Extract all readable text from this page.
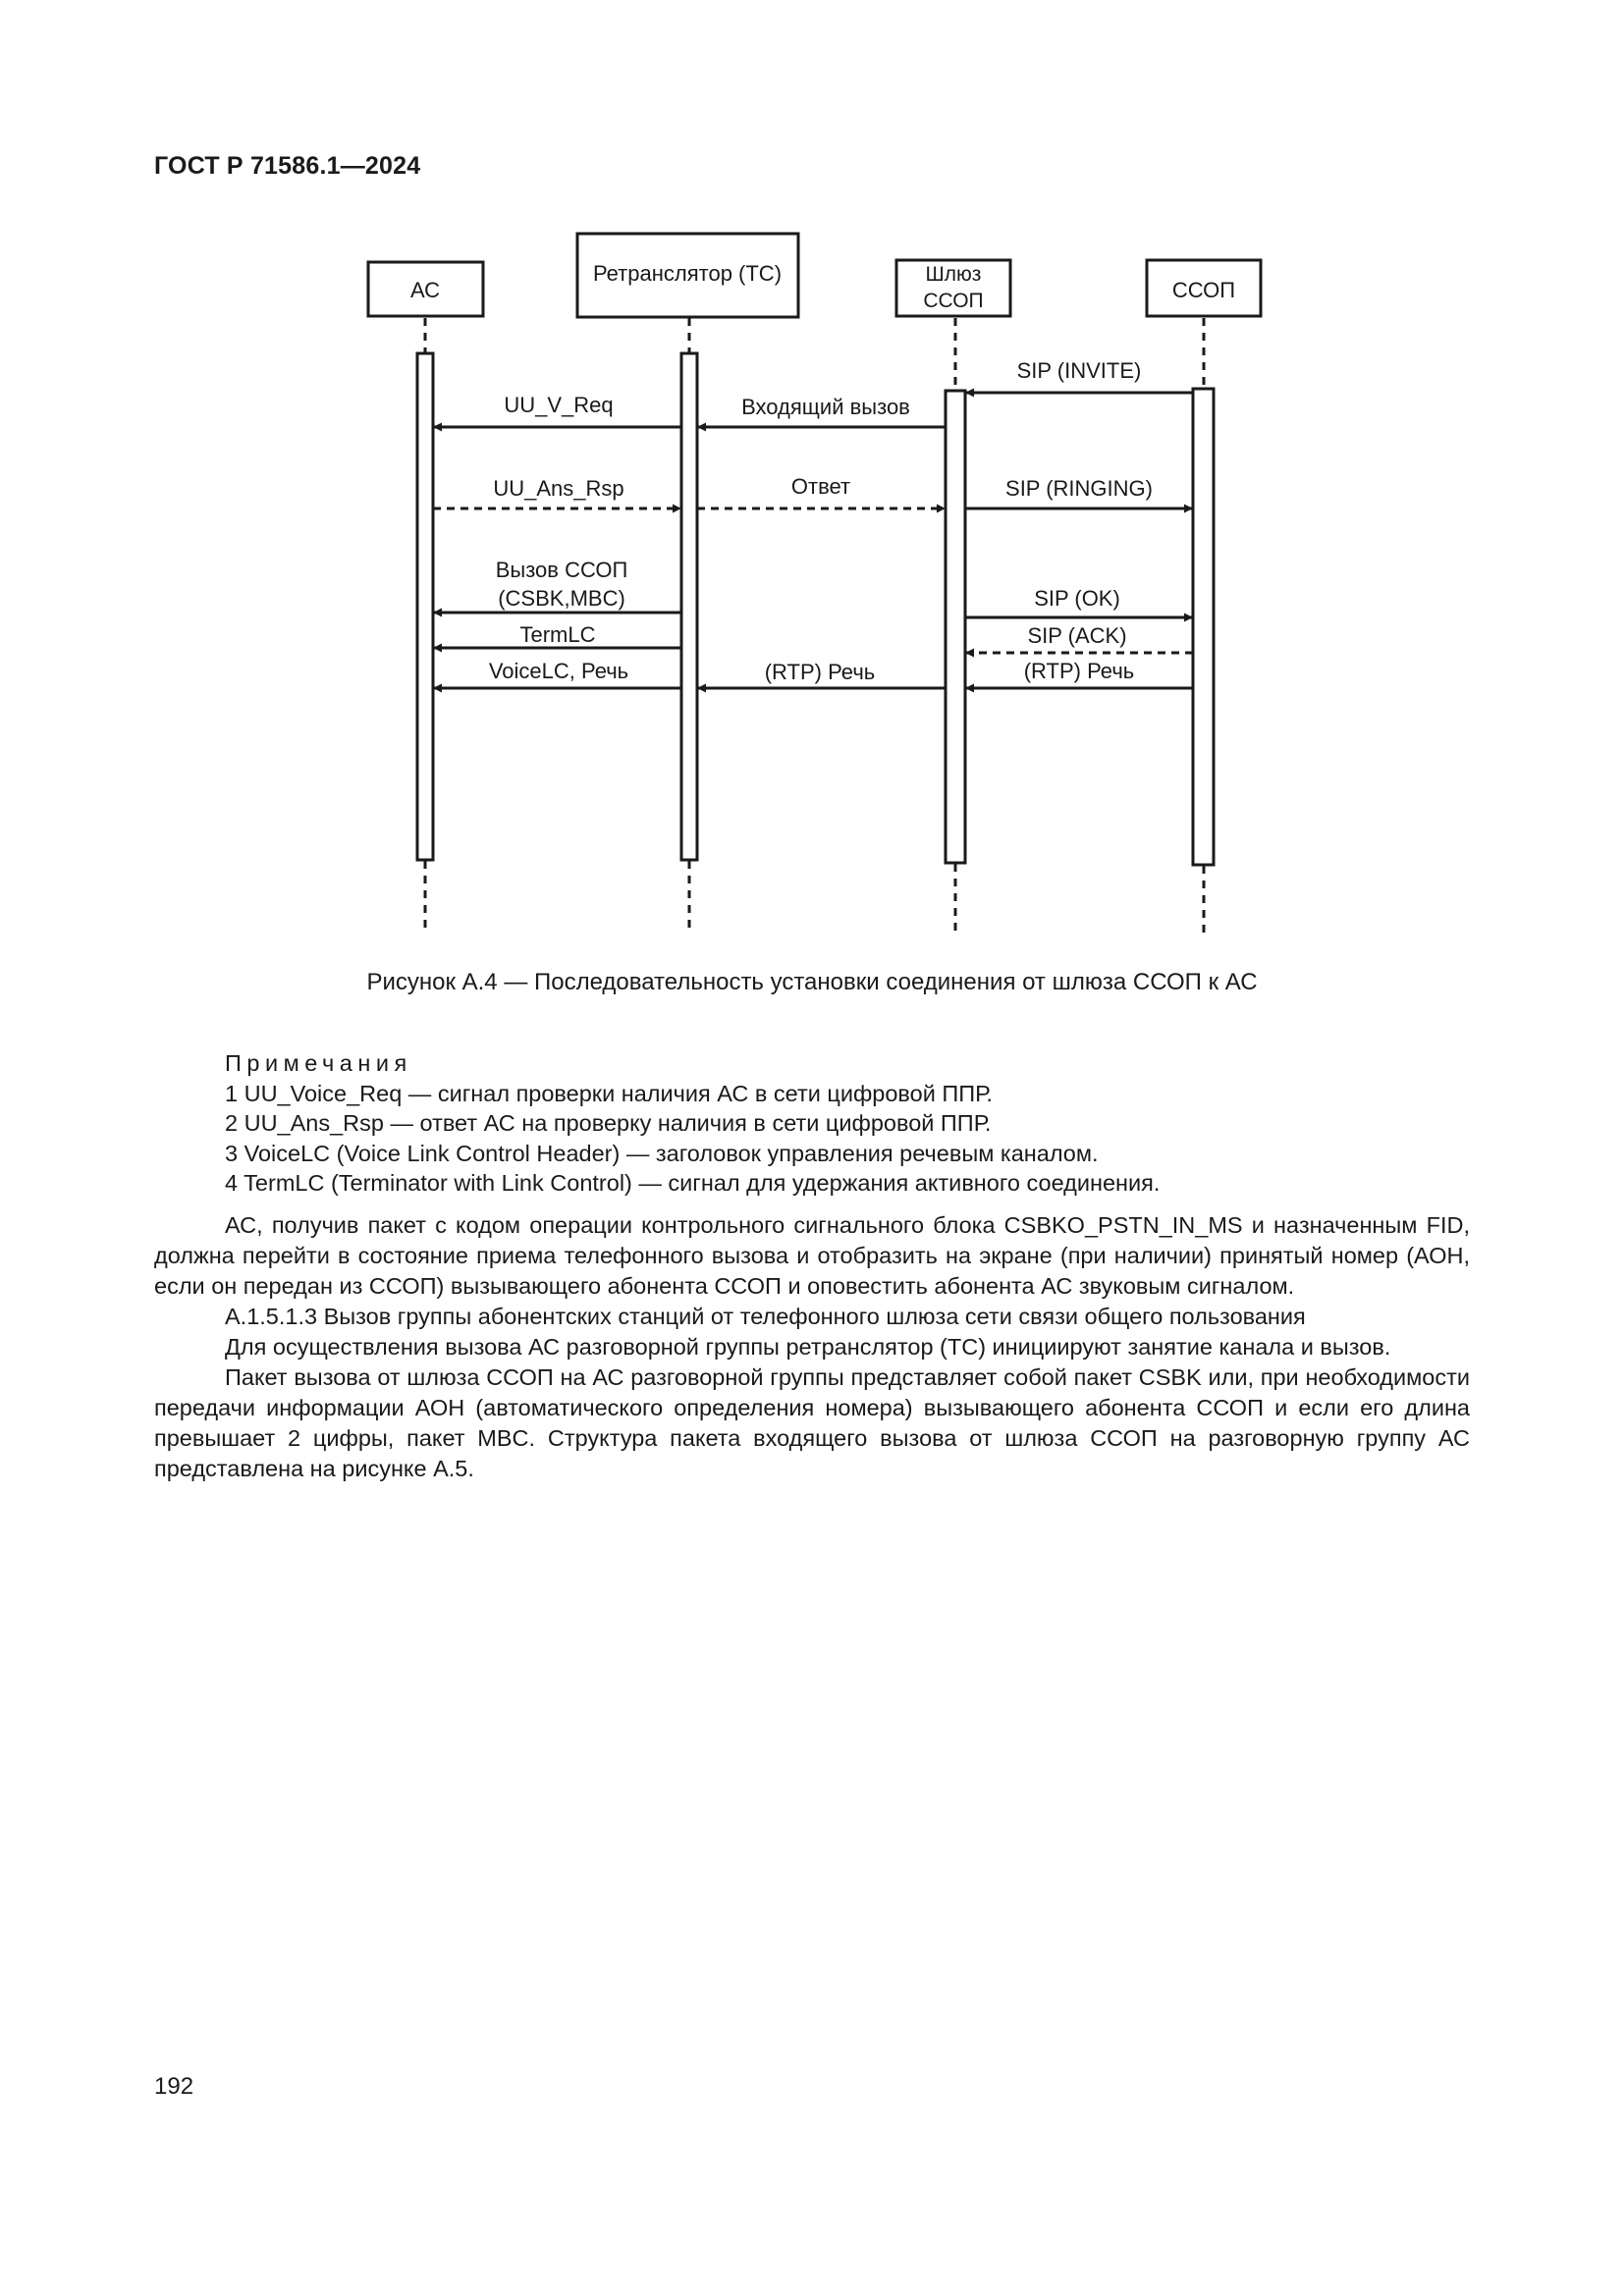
ГОСТ Р 71586.1—2024
АС
Ретранслятор (ТС)	Шлюз
ССОП	ССОП
SIP (INVITE)
Входящий вызов
UU_V_Req
UU_Ans_Rsp	Ответ	SIP (RINGING)
Вызов ССОП
(CSBK,MBC)	SIP (OK)
TermLC	SIP (ACK)
VoiceLC, Речь	(RTP) Речь	(RTP) Речь
Рисунок А.4 — Последовательность установки соединения от шлюза ССОП к АС
Примечания
1 UU_Voice_Req — сигнал проверки наличия АС в сети цифровой ППР.
2 UU_Ans_Rsp — ответ АС на проверку наличия в сети цифровой ППР.
3 VoiceLC (Voice Link Control Header) — заголовок управления речевым каналом.
4 TermLC (Terminator with Link Control) — сигнал для удержания активного соединения.

АС, получив пакет с кодом операции контрольного сигнального блока CSBKO_PSTN_IN_MS и назначенным FID, должна перейти в состояние приема телефонного вызова и отобразить на экране (при наличии) принятый номер (АОН, если он передан из ССОП) вызывающего абонента ССОП и оповестить абонента АС звуковым сигналом.

А.1.5.1.3 Вызов группы абонентских станций от телефонного шлюза сети связи общего пользования

Для осуществления вызова АС разговорной группы ретранслятор (ТС) инициируют занятие канала и вызов.

Пакет вызова от шлюза ССОП на АС разговорной группы представляет собой пакет CSBK или, при необходимости передачи информации АОН (автоматического определения номера) вызывающего абонента ССОП и если его длина превышает 2 цифры, пакет MBC. Структура пакета входящего вызова от шлюза ССОП на разговорную группу АС представлена на рисунке А.5.

192
